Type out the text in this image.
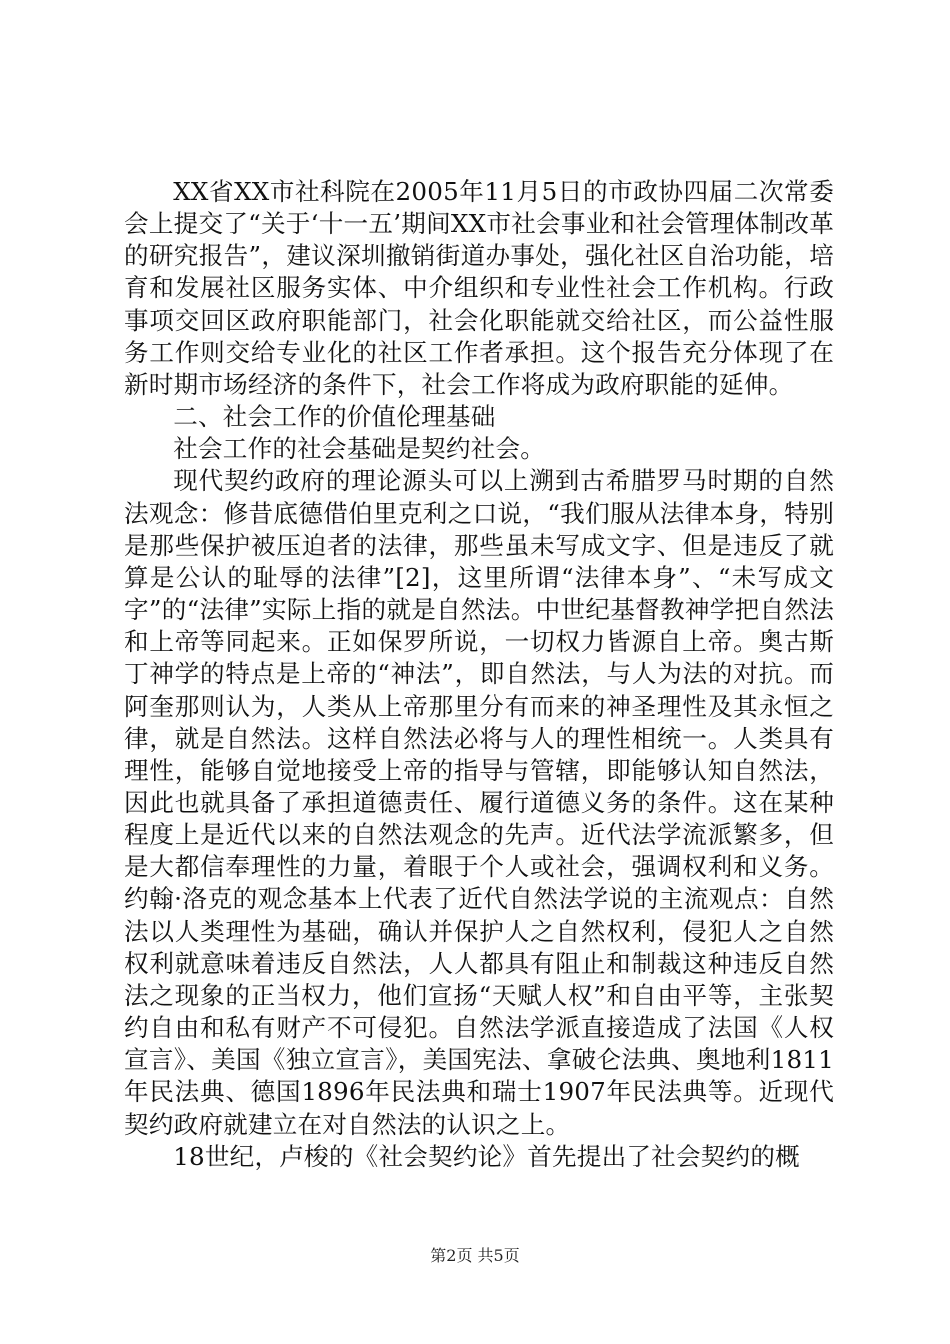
XX省XX市社科院在2005年11月5日的市政协四届二次常委会上提交了“关于‘十一五’期间XX市社会事业和社会管理体制改革的研究报告”，建议深圳撤销街道办事处，强化社区自治功能，培育和发展社区服务实体、中介组织和专业性社会工作机构。行政事项交回区政府职能部门，社会化职能就交给社区，而公益性服务工作则交给专业化的社区工作者承担。这个报告充分体现了在新时期市场经济的条件下，社会工作将成为政府职能的延伸。

二、社会工作的价值伦理基础

社会工作的社会基础是契约社会。

现代契约政府的理论源头可以上溯到古希腊罗马时期的自然法观念：修昔底德借伯里克利之口说，“我们服从法律本身，特别是那些保护被压迫者的法律，那些虽未写成文字、但是违反了就算是公认的耻辱的法律”[2]，这里所谓“法律本身”、“未写成文字”的“法律”实际上指的就是自然法。中世纪基督教神学把自然法和上帝等同起来。正如保罗所说，一切权力皆源自上帝。奥古斯丁神学的特点是上帝的“神法”，即自然法，与人为法的对抗。而阿奎那则认为，人类从上帝那里分有而来的神圣理性及其永恒之律，就是自然法。这样自然法必将与人的理性相统一。人类具有理性，能够自觉地接受上帝的指导与管辖，即能够认知自然法，因此也就具备了承担道德责任、履行道德义务的条件。这在某种程度上是近代以来的自然法观念的先声。近代法学流派繁多，但是大都信奉理性的力量，着眼于个人或社会，强调权利和义务。约翰·洛克的观念基本上代表了近代自然法学说的主流观点：自然法以人类理性为基础，确认并保护人之自然权利，侵犯人之自然权利就意味着违反自然法，人人都具有阻止和制裁这种违反自然法之现象的正当权力，他们宣扬“天赋人权”和自由平等，主张契约自由和私有财产不可侵犯。自然法学派直接造成了法国《人权宣言》、美国《独立宣言》，美国宪法、拿破仑法典、奥地利1811年民法典、德国1896年民法典和瑞士1907年民法典等。近现代契约政府就建立在对自然法的认识之上。

18世纪，卢梭的《社会契约论》首先提出了社会契约的概

第2页 共5页
